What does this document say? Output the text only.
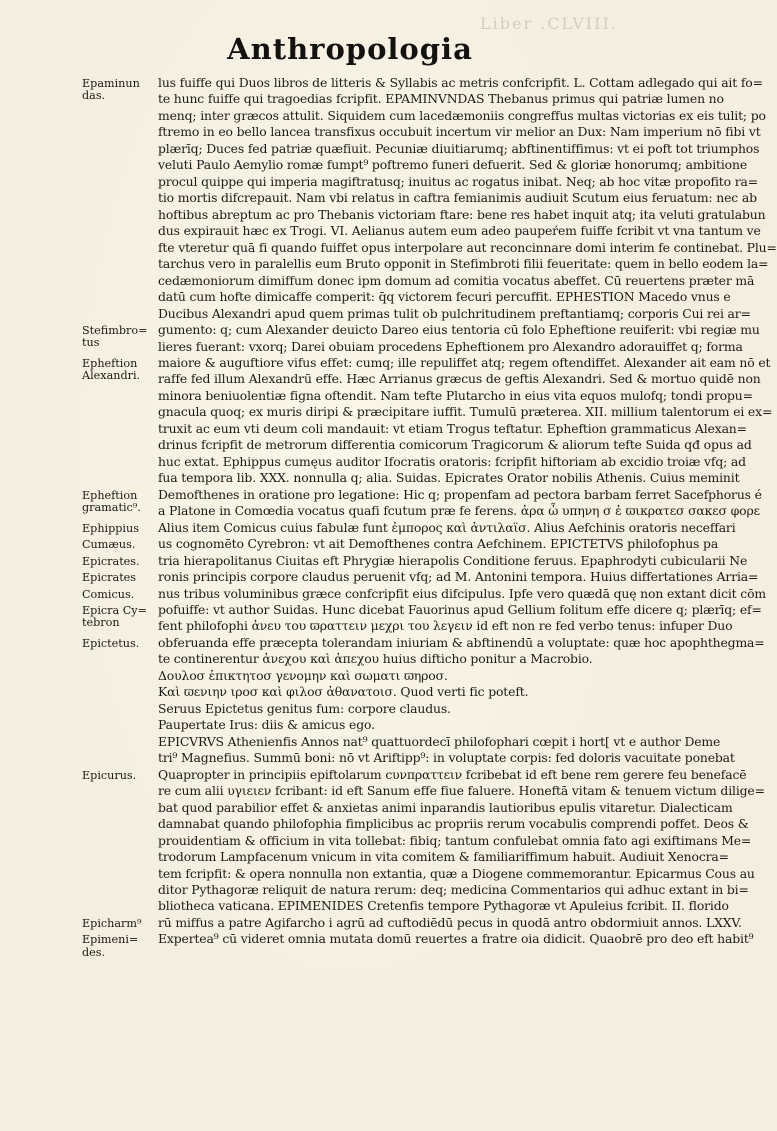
Liber .CLVIII.
Anthropologia
Epaminun
das.
Stefimbro=
tus
Epheftion
Alexandri.
Epheftion
gramatic⁹.
Ephippius
Cumæus.
Epicrates.
Epicrates
Comicus.
Epicra Cy=
tebron
Epictetus.
Epicurus.
Epicharm⁹
Epimeni=
des.
lus fuiffe qui Duos libros de litteris & Syllabis ac metris confcripfit. L. Cottam adlegado qui ait fo=
te hunc fuiffe qui tragoedias fcripfit. EPAMINVNDAS Thebanus primus qui patriæ lumen no
menq; inter græcos attulit. Siquidem cum lacedæmoniis congreffus multas victorias ex eis tulit; po
ftremo in eo bello lancea transfixus occubuit incertum vir melior an Dux: Nam imperium nō fibi vt
plærīq; Duces fed patriæ quæfiuit. Pecuniæ diuitiarumq; abftinentiffimus: vt ei poft tot triumphos
veluti Paulo Aemylio romæ fumpt⁹ poftremo funeri defuerit. Sed & gloriæ honorumq; ambitione
procul quippe qui imperia magiftratusq; inuitus ac rogatus inibat. Neq; ab hoc vitæ propofito ra=
tio mortis difcrepauit. Nam vbi relatus in caftra femianimis audiuit Scutum eius feruatum: nec ab
hoftibus abreptum ac pro Thebanis victoriam ftare: bene res habet inquit atq; ita veluti gratulabun
dus expirauit hæc ex Trogi. VI. Aelianus autem eum adeo paupeŕem fuiffe fcribit vt vna tantum ve
fte vteretur quā fi quando fuiffet opus interpolare aut reconcinnare domi interim fe continebat. Plu=
tarchus vero in paralellis eum Bruto opponit in Stefimbroti filii feueritate: quem in bello eodem la=
cedæmoniorum dimiffum donec ipm domum ad comitia vocatus abeffet. Cū reuertens præter mā
datū cum hofte dimicaffe comperit: q̄q victorem fecuri percuffit. EPHESTION Macedo vnus e
Ducibus Alexandri apud quem primas tulit ob pulchritudinem preftantiamq; corporis Cui rei ar=
gumento: q; cum Alexander deuicto Dareo eius tentoria cū folo Epheftione reuiferit: vbi regiæ mu
lieres fuerant: vxorq; Darei obuiam procedens Epheftionem pro Alexandro adorauiffet q; forma
maiore & auguftiore vifus effet: cumq; ille repuliffet atq; regem oftendiffet. Alexander ait eam nō et
raffe fed illum Alexandrū effe. Hæc Arrianus græcus de geftis Alexandri. Sed & mortuo quidē non
minora beniuolentiæ figna oftendit. Nam tefte Plutarcho in eius vita equos mulofq; tondi propu=
gnacula quoq; ex muris diripi & præcipitare iuffit. Tumulū præterea. XII. millium talentorum ei ex=
truxit ac eum vti deum coli mandauit: vt etiam Trogus teftatur. Epheftion grammaticus Alexan=
drinus fcripfit de metrorum differentia comicorum Tragicorum & aliorum tefte Suida qđ opus ad
huc extat. Ephippus cumęus auditor Ifocratis oratoris: fcripfit hiftoriam ab excidio troiæ vfq; ad
fua tempora lib. XXX. nonnulla q; alia. Suidas. Epicrates Orator nobilis Athenis. Cuius meminit
Demofthenes in oratione pro legatione: Hic q; propenfam ad pectora barbam ferret Sacefphorus é
a Platone in Comœdia vocatus quafi fcutum præ fe ferens. ἀρα ὦ υπηνη σ ἐ ϖικρατεσ σακεσ φορε
Alius item Comicus cuius fabulæ funt ἐμπορος καὶ ἀντιλαϊσ. Alius Aefchinis oratoris neceffari
us cognomēto Cyrebron: vt ait Demofthenes contra Aefchinem. EPICTETVS philofophus pa
tria hierapolitanus Ciuitas eft Phrygiæ hierapolis Conditione feruus. Epaphrodyti cubicularii Ne
ronis principis corpore claudus peruenit vfq; ad M. Antonini tempora. Huius differtationes Arria=
nus tribus voluminibus græce confcripfit eius difcipulus. Ipfe vero quædā quę non extant dicit cōm
pofuiffe: vt author Suidas. Hunc dicebat Fauorinus apud Gellium folitum effe dicere q; plærīq; ef=
fent philofophi ἀνευ του ϖραττειν μεχρι του λεγειν id eft non re fed verbo tenus: infuper Duo
obferuanda effe præcepta tolerandam iniuriam & abftinendū a voluptate: quæ hoc apophthegma=
te continerentur ἀνεχου καὶ ἀπεχου huius difticho ponitur a Macrobio.
Δουλοσ ἐπικτητοσ γενομην καὶ σωματι ϖηροσ.
Καὶ ϖενιην ιροσ καὶ φιλοσ ἀθανατοισ. Quod verti fic poteft.
Seruus Epictetus genitus fum: corpore claudus.
Paupertate Irus: diis & amicus ego.
EPICVRVS Athenienfis Annos nat⁹ quattuordecī philofophari cœpit i hort[ vt e author Deme
tri⁹ Magnefius. Summū boni: nō vt Ariftipp⁹: in voluptate corpis: fed doloris vacuitate ponebat
Quapropter in principiis epiftolarum ϲυνπραττειν fcribebat id eft bene rem gerere feu benefacē
re cum alii υγιειεν fcribant: id eft Sanum effe fiue faluere. Honeftā vitam & tenuem victum dilige=
bat quod parabilior effet & anxietas animi inparandis lautioribus epulis vitaretur. Dialecticam
damnabat quando philofophia fimplicibus ac propriis rerum vocabulis comprendi poffet. Deos &
prouidentiam & officium in vita tollebat: fibiq; tantum confulebat omnia fato agi exiftimans Me=
trodorum Lampfacenum vnicum in vita comitem & familiariffimum habuit. Audiuit Xenocra=
tem fcripfit: & opera nonnulla non extantia, quæ a Diogene commemorantur. Epicarmus Cous au
ditor Pythagoræ reliquit de natura rerum: deq; medicina Commentarios qui adhuc extant in bi=
bliotheca vaticana. EPIMENIDES Cretenfis tempore Pythagoræ vt Apuleius fcribit. II. florido
rū miffus a patre Agifarcho i agrū ad cuftodiēdū pecus in quodā antro obdormiuit annos. LXXV.
Expertea⁹ cū videret omnia mutata domū reuertes a fratre oia didicit. Quaobrē pro deo eft habit⁹
